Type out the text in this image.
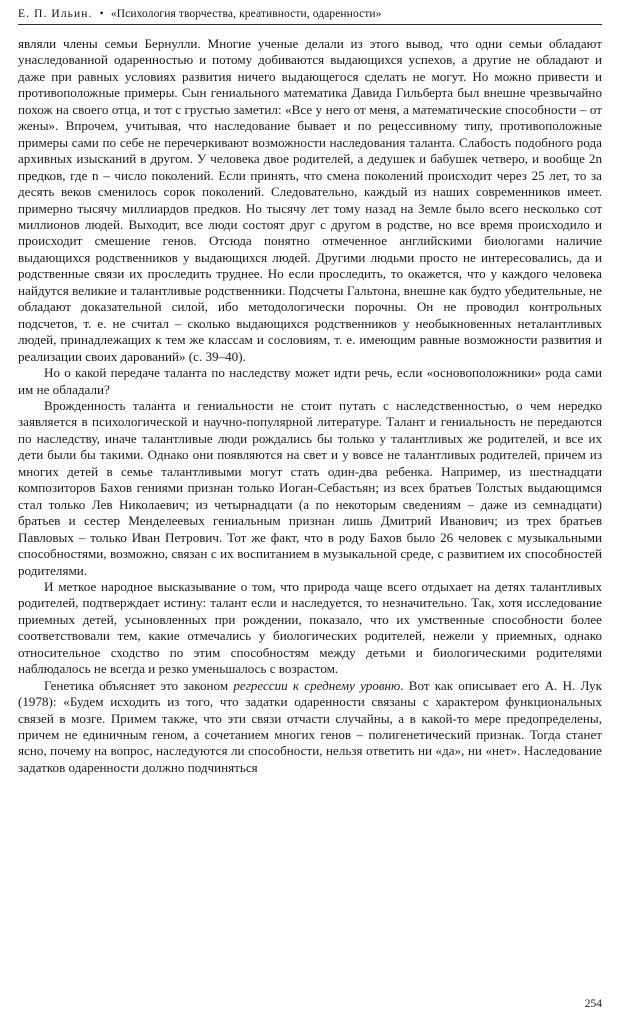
Е. П. Ильин. • «Психология творчества, креативности, одаренности»

являли члены семьи Бернулли. Многие ученые делали из этого вывод, что одни семьи обладают унаследованной одаренностью и потому добиваются выдающихся успехов, а другие не обладают и даже при равных условиях развития ничего выдающегося сделать не могут. Но можно привести и противоположные примеры. Сын гениального математика Давида Гильберта был внешне чрезвычайно похож на своего отца, и тот с грустью заметил: «Все у него от меня, а математические способности – от жены». Впрочем, учитывая, что наследование бывает и по рецессивному типу, противоположные примеры сами по себе не перечеркивают возможности наследования таланта. Слабость подобного рода архивных изысканий в другом. У человека двое родителей, а дедушек и бабушек четверо, и вообще 2n предков, где n – число поколений. Если принять, что смена поколений происходит через 25 лет, то за десять веков сменилось сорок поколений. Следовательно, каждый из наших современников имеет. примерно тысячу миллиардов предков. Но тысячу лет тому назад на Земле было всего несколько сот миллионов людей. Выходит, все люди состоят друг с другом в родстве, но все время происходило и происходит смешение генов. Отсюда понятно отмеченное английскими биологами наличие выдающихся родственников у выдающихся людей. Другими людьми просто не интересовались, да и родственные связи их проследить труднее. Но если проследить, то окажется, что у каждого человека найдутся великие и талантливые родственники. Подсчеты Гальтона, внешне как будто убедительные, не обладают доказательной силой, ибо методологически порочны. Он не проводил контрольных подсчетов, т. е. не считал – сколько выдающихся родственников у необыкновенных неталантливых людей, принадлежащих к тем же классам и сословиям, т. е. имеющим равные возможности развития и реализации своих дарований» (с. 39–40).

Но о какой передаче таланта по наследству может идти речь, если «основоположники» рода сами им не обладали?

Врожденность таланта и гениальности не стоит путать с наследственностью, о чем нередко заявляется в психологической и научно-популярной литературе. Талант и гениальность не передаются по наследству, иначе талантливые люди рождались бы только у талантливых же родителей, и все их дети были бы такими. Однако они появляются на свет и у вовсе не талантливых родителей, причем из многих детей в семье талантливыми могут стать один-два ребенка. Например, из шестнадцати композиторов Бахов гениями признан только Иоган-Себастьян; из всех братьев Толстых выдающимся стал только Лев Николаевич; из четырнадцати (а по некоторым сведениям – даже из семнадцати) братьев и сестер Менделеевых гениальным признан лишь Дмитрий Иванович; из трех братьев Павловых – только Иван Петрович. Тот же факт, что в роду Бахов было 26 человек с музыкальными способностями, возможно, связан с их воспитанием в музыкальной среде, с развитием их способностей родителями.

И меткое народное высказывание о том, что природа чаще всего отдыхает на детях талантливых родителей, подтверждает истину: талант если и наследуется, то незначительно. Так, хотя исследование приемных детей, усыновленных при рождении, показало, что их умственные способности более соответствовали тем, какие отмечались у биологических родителей, нежели у приемных, однако относительное сходство по этим способностям между детьми и биологическими родителями наблюдалось не всегда и резко уменьшалось с возрастом.

Генетика объясняет это законом регрессии к среднему уровню. Вот как описывает его А. Н. Лук (1978): «Будем исходить из того, что задатки одаренности связаны с характером функциональных связей в мозге. Примем также, что эти связи отчасти случайны, а в какой-то мере предопределены, причем не единичным геном, а сочетанием многих генов – полигенетический признак. Тогда станет ясно, почему на вопрос, наследуются ли способности, нельзя ответить ни «да», ни «нет». Наследование задатков одаренности должно подчиняться

254
